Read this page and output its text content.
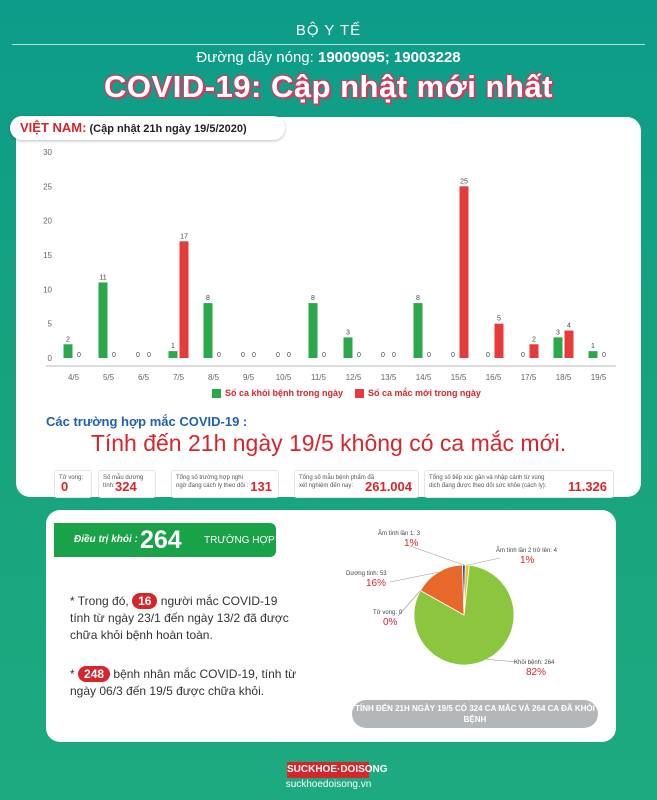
BỘ Y TẾ
Đường dây nóng: 19009095; 19003228
COVID-19: Cập nhật mới nhất
VIỆT NAM: (Cập nhật 21h ngày 19/5/2020)
0
5
10
15
20
25
30
4/5
2
0
5/5
11
0
6/5
0 0
7/5
1
17
8/5
8
0
9/5
0 0
10/5
0 0
11/5
8
0
12/5
3
0
13/5
0 0
14/5
8
0
15/5
0
25
16/5
0
5
17/5
0
2
18/5
3
4
19/5
1
0
Số ca khỏi bệnh trong ngày	Số ca mắc mới trong ngày
Các trường hợp mắc COVID-19 :
Tính đến 21h ngày 19/5 không có ca mắc mới.
Tử vong:
0
Số mẫu dương tính: 324
Tổng số trường hợp nghi ngờ đang cách ly theo dõi : 131
Tổng số mẫu bệnh phẩm đã xét nghiệm đến nay: 261.004
Tổng số tiếp xúc gần và nhập cảnh từ vùng dịch đang được theo dõi sức khỏe (cách ly):	11.326
Điều trị khỏi : 264 TRƯỜNG HỢP
* Trong đó, 16 người mắc COVID-19 tính từ ngày 23/1 đến ngày 13/2 đã được chữa khỏi bệnh hoàn toàn.
* 248 bệnh nhân mắc COVID-19, tính từ ngày 06/3 đến 19/5 được chữa khỏi.
Âm tính lần 1: 3
1%
Âm tính lần 2 trở lên: 4
1%
Dương tính: 53
16%
Tử vong: 0
0%
Khỏi bệnh: 264
82%
TÍNH ĐẾN 21H NGÀY 19/5 CÓ 324 CA MẮC VÀ 264 CA ĐÃ KHỎI BỆNH
SUCKHOE·DOISONG
suckhoedoisong.vn
